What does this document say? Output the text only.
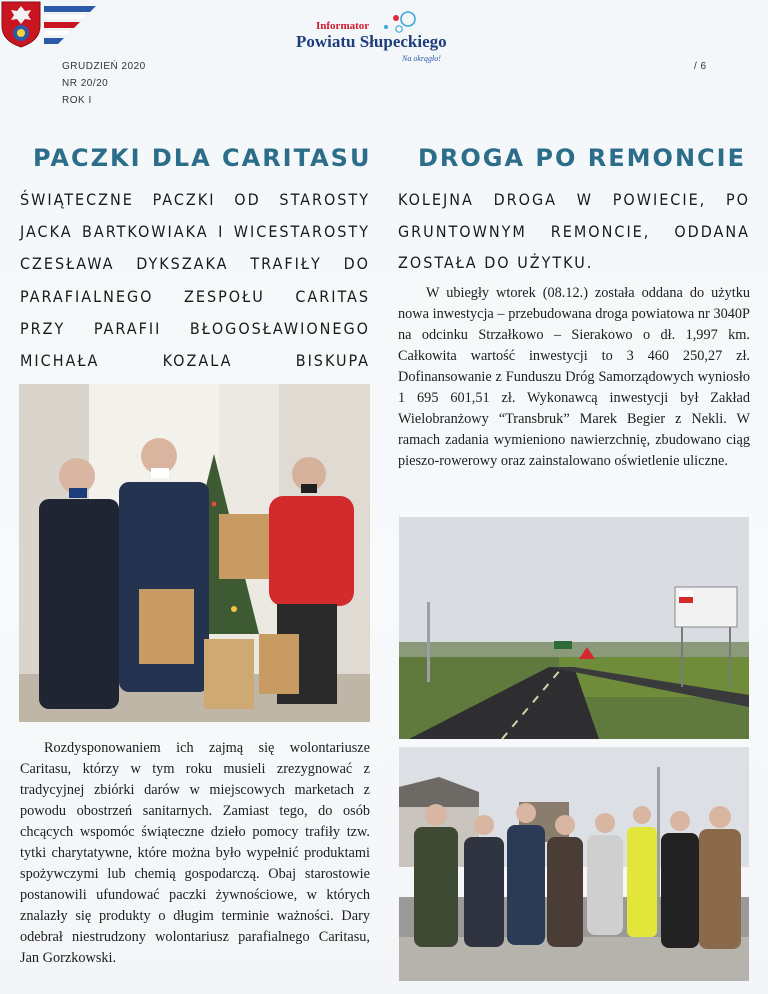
Informator
Powiatu Słupeckiego
Na okrągło!
GRUDZIEŃ 2020
NR 20/20
ROK I
/ 6
PACZKI DLA CARITASU
ŚWIĄTECZNE PACZKI OD STAROSTY JACKA BARTKOWIAKA I WICESTAROSTY CZESŁAWA DYKSZAKA TRAFIŁY DO PARAFIALNEGO ZESPOŁU CARITAS PRZY PARAFII BŁOGOSŁAWIONEGO MICHAŁA KOZALA BISKUPA
Rozdysponowaniem ich zajmą się wolontariusze Caritasu, którzy w tym roku musieli zrezygnować z tradycyjnej zbiórki darów w miejscowych marketach z powodu obostrzeń sanitarnych. Zamiast tego, do osób chcących wspomóc świąteczne dzieło pomocy trafiły tzw. tytki charytatywne, które można było wypełnić produktami spożywczymi lub chemią gospodarczą. Obaj starostowie postanowili ufundować paczki żywnościowe, w których znalazły się produkty o długim terminie ważności. Dary odebrał niestrudzony wolontariusz parafialnego Caritasu, Jan Gorzkowski.
DROGA PO REMONCIE
KOLEJNA DROGA W POWIECIE, PO GRUNTOWNYM REMONCIE, ODDANA ZOSTAŁA DO UŻYTKU.
W ubiegły wtorek (08.12.) została oddana do użytku nowa inwestycja – przebudowana droga powiatowa nr 3040P na odcinku Strzałkowo – Sierakowo o dł. 1,997 km. Całkowita wartość inwestycji to 3 460 250,27 zł. Dofinansowanie z Funduszu Dróg Samorządowych wyniosło 1 695 601,51 zł. Wykonawcą inwestycji był Zakład Wielobranżowy “Transbruk” Marek Begier z Nekli. W ramach zadania wymieniono nawierzchnię, zbudowano ciąg pieszo-rowerowy oraz zainstalowano oświetlenie uliczne.
